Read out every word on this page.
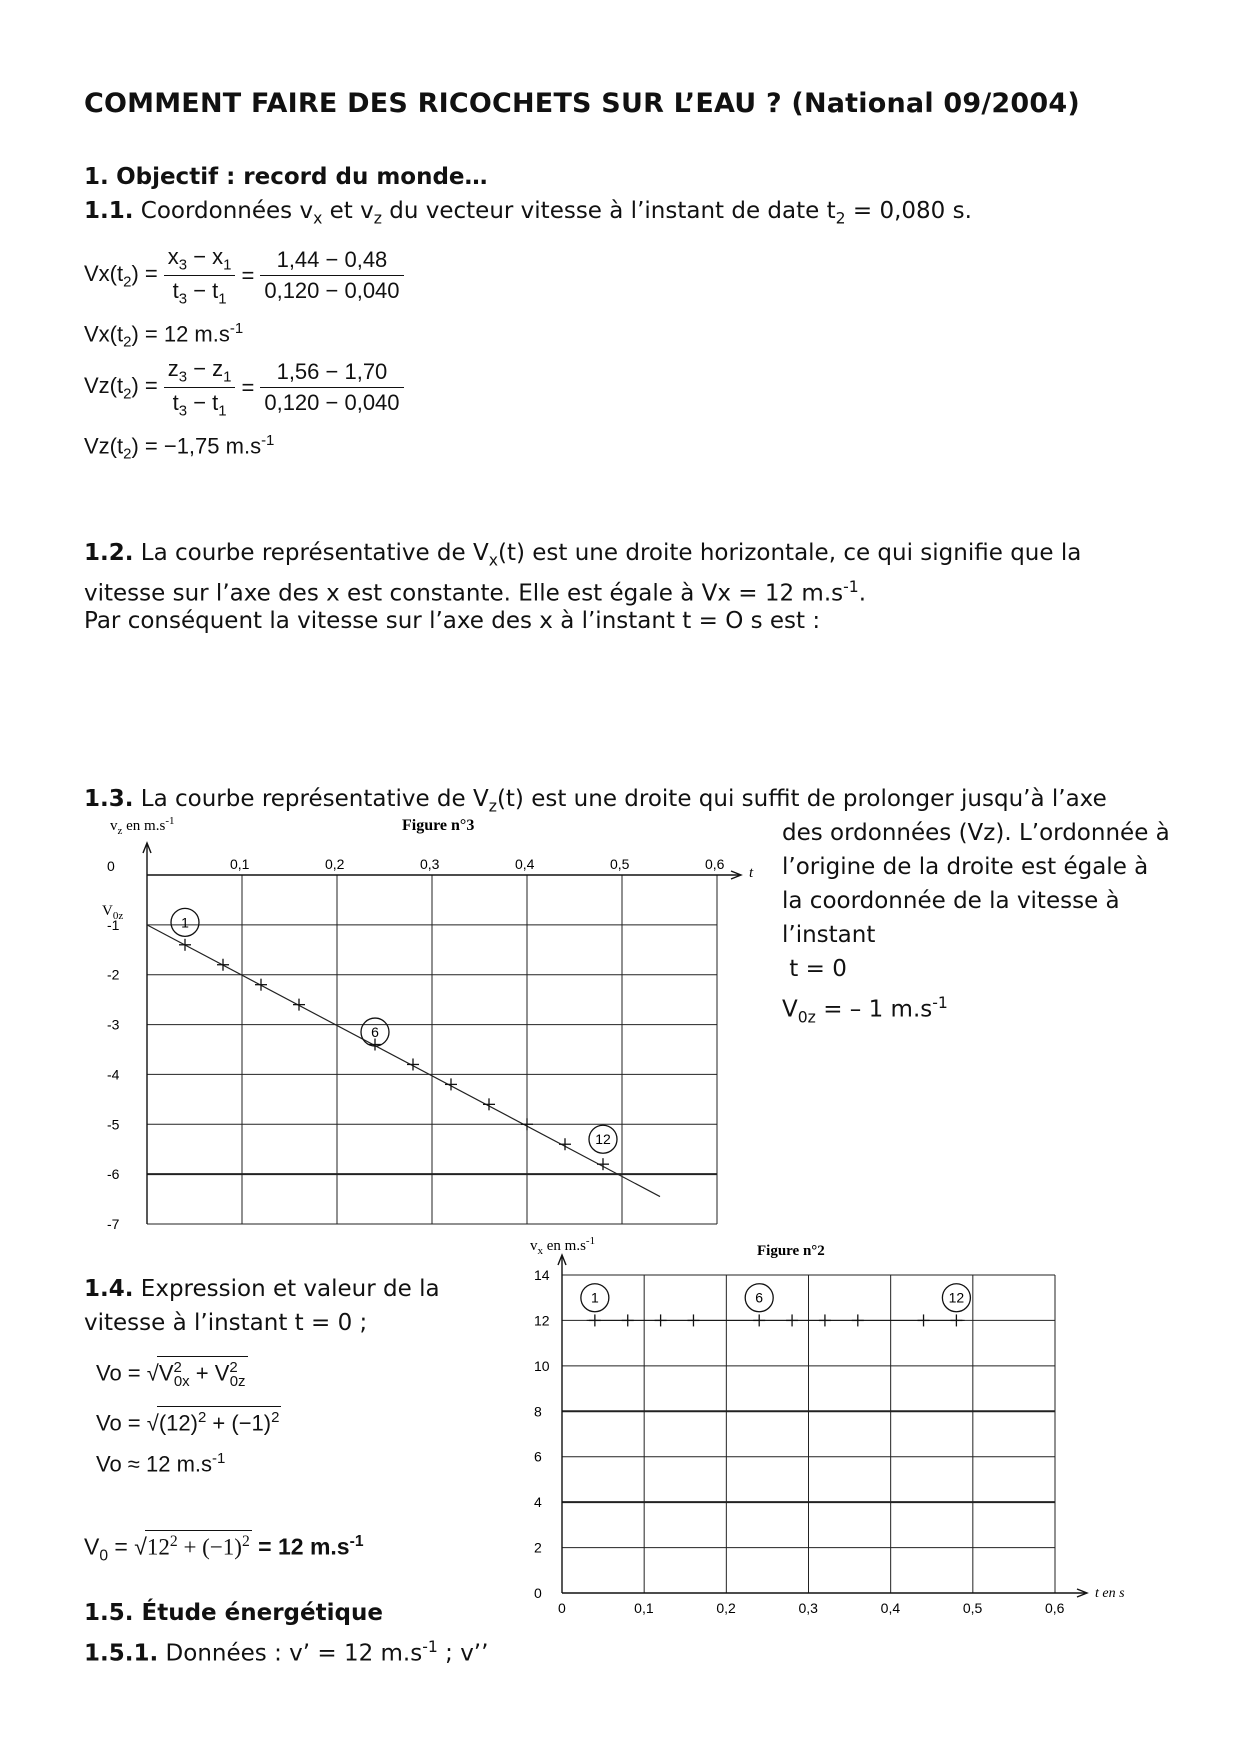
COMMENT FAIRE DES RICOCHETS SUR L’EAU ? (National 09/2004)
1. Objectif : record du monde…
1.1. Coordonnées $v_x$ et $v_z$ du vecteur vitesse à l’instant de date $t_2 = 0,080$ s.
$Vx(t_2) = \frac{x_3 - x_1}{t_3 - t_1} = \frac{1,44 - 0,48}{0,120 - 0,040}$
$Vx(t_2) = 12$ $m.s^{-1}$
$Vz(t_2) = \frac{z_3 - z_1}{t_3 - t_1} = \frac{1,56 - 1,70}{0,120 - 0,040}$
$Vz(t_2) = -1,75$ $m.s^{-1}$
1.2. La courbe représentative de $V_x(t)$ est une droite horizontale, ce qui signifie que la
vitesse sur l’axe des x est constante. Elle est égale à Vx = 12 $m.s^{-1}$.
Par conséquent la vitesse sur l’axe des x à l’instant t = O s est :
1.3. La courbe représentative de $V_z(t)$ est une droite qui suffit de prolonger jusqu’à l’axe
des ordonnées (Vz). L’ordonnée à
l’origine de la droite est égale à
la coordonnée de la vitesse à
l’instant
t = 0
$V_{0z}$ = – 1 $m.s^{-1}$
$v_z$ en $m.s^{-1}$	Figure n°3
t
0,1	0,2	0,3	0,4	0,5	0,6
0
-1
-2
-3
-4
-5
-6
-7
$V_{0z}$	1
6
12
1.4. Expression et valeur de la
vitesse à l’instant t = 0 ;
$Vo = √V^2_{0x} + V^2_{0z}$
$Vo = √(12)^2 + (-1)^2$
Vo ≈ 12 $m.s^{-1}$
$V_0 = √12^2 + (-1)^2 = 12$ $m.s^{-1}$
1.5. Étude énergétique
1.5.1. Données : v’ = 12 $m.s^{-1}$ ; v’’
$v_x$ en $m.s^{-1}$
Figure n°2
t en s
0	0,1	0,2	0,3	0,4	0,5	0,6
0
2
4
6
8
10
12
14
1	6	12
